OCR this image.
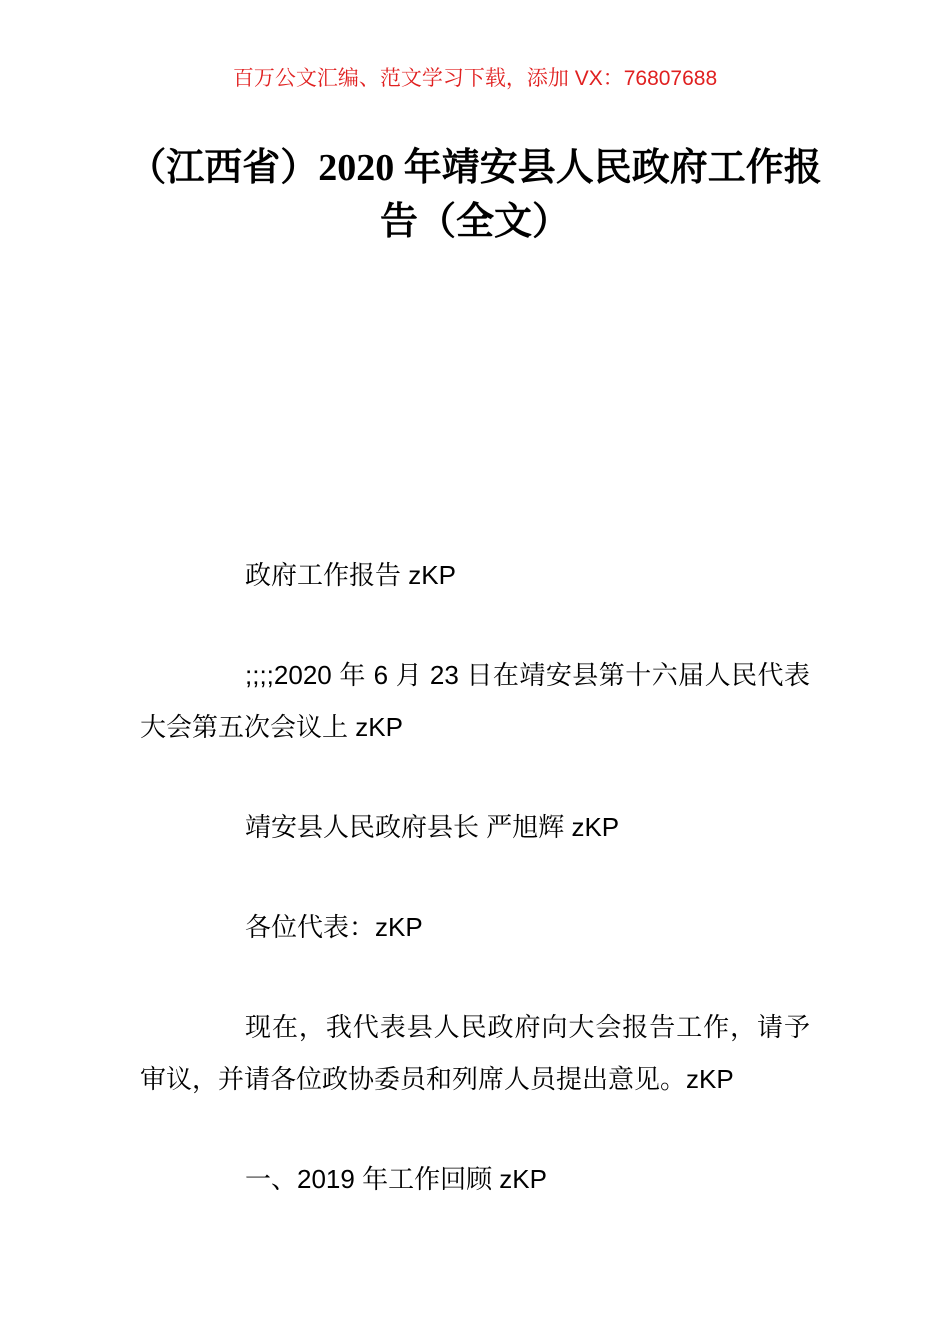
百万公文汇编、范文学习下载，添加 VX：76807688
（江西省）2020 年靖安县人民政府工作报告（全文）

政府工作报告 zKP

;;;;2020 年 6 月 23 日在靖安县第十六届人民代表大会第五次会议上 zKP

靖安县人民政府县长 严旭辉 zKP

各位代表：zKP

现在，我代表县人民政府向大会报告工作，请予审议，并请各位政协委员和列席人员提出意见。zKP

一、2019 年工作回顾 zKP
